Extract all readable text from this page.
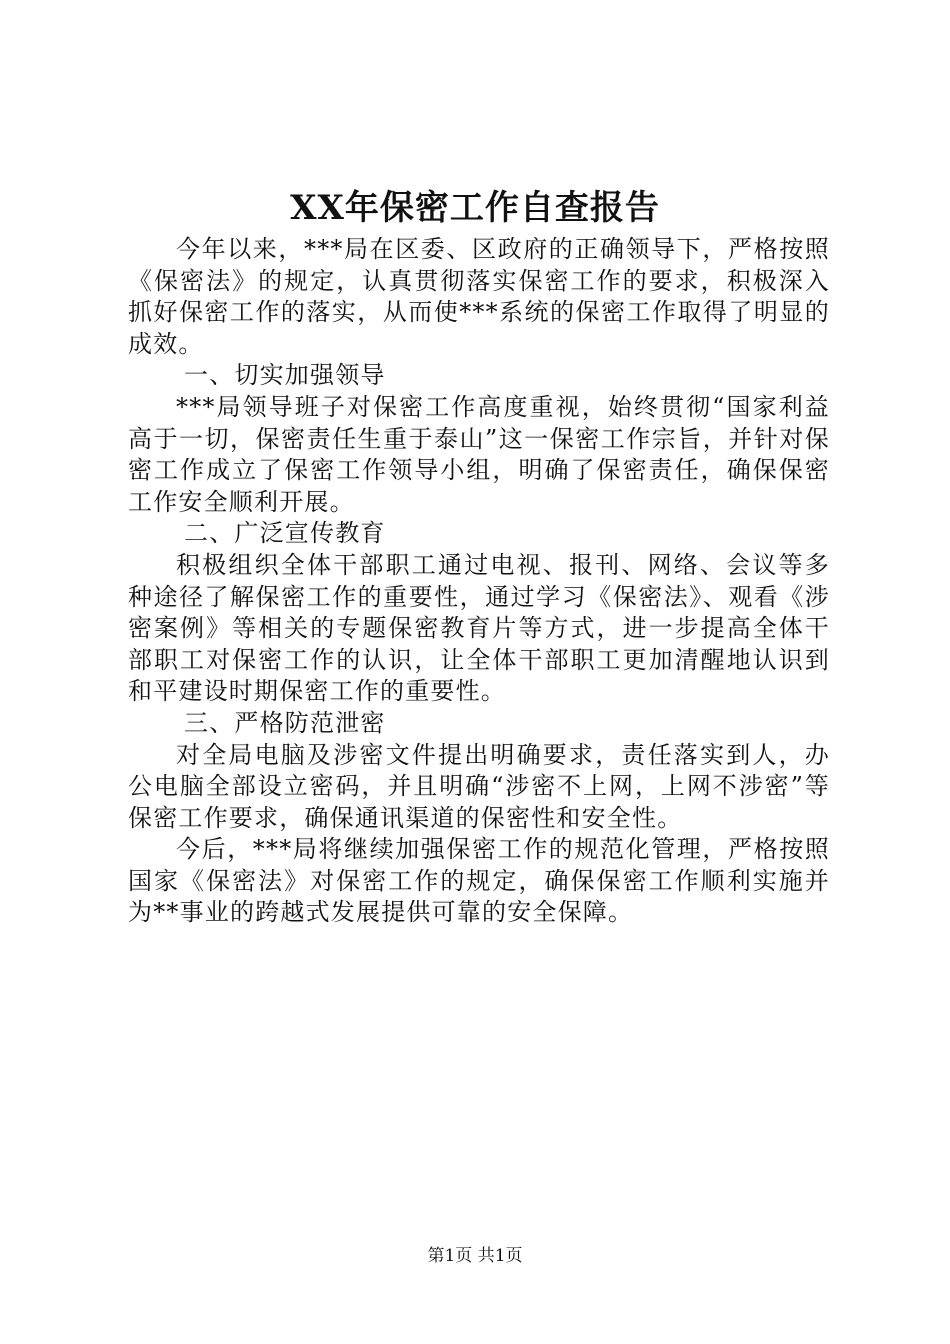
XX年保密工作自查报告

今年以来，***局在区委、区政府的正确领导下，严格按照《保密法》的规定，认真贯彻落实保密工作的要求，积极深入抓好保密工作的落实，从而使***系统的保密工作取得了明显的成效。

一、切实加强领导

***局领导班子对保密工作高度重视，始终贯彻“国家利益高于一切，保密责任生重于泰山”这一保密工作宗旨，并针对保密工作成立了保密工作领导小组，明确了保密责任，确保保密工作安全顺利开展。

二、广泛宣传教育

积极组织全体干部职工通过电视、报刊、网络、会议等多种途径了解保密工作的重要性，通过学习《保密法》、观看《涉密案例》等相关的专题保密教育片等方式，进一步提高全体干部职工对保密工作的认识，让全体干部职工更加清醒地认识到和平建设时期保密工作的重要性。

三、严格防范泄密

对全局电脑及涉密文件提出明确要求，责任落实到人，办公电脑全部设立密码，并且明确“涉密不上网，上网不涉密”等保密工作要求，确保通讯渠道的保密性和安全性。

今后，***局将继续加强保密工作的规范化管理，严格按照国家《保密法》对保密工作的规定，确保保密工作顺利实施并为**事业的跨越式发展提供可靠的安全保障。

第1页 共1页
